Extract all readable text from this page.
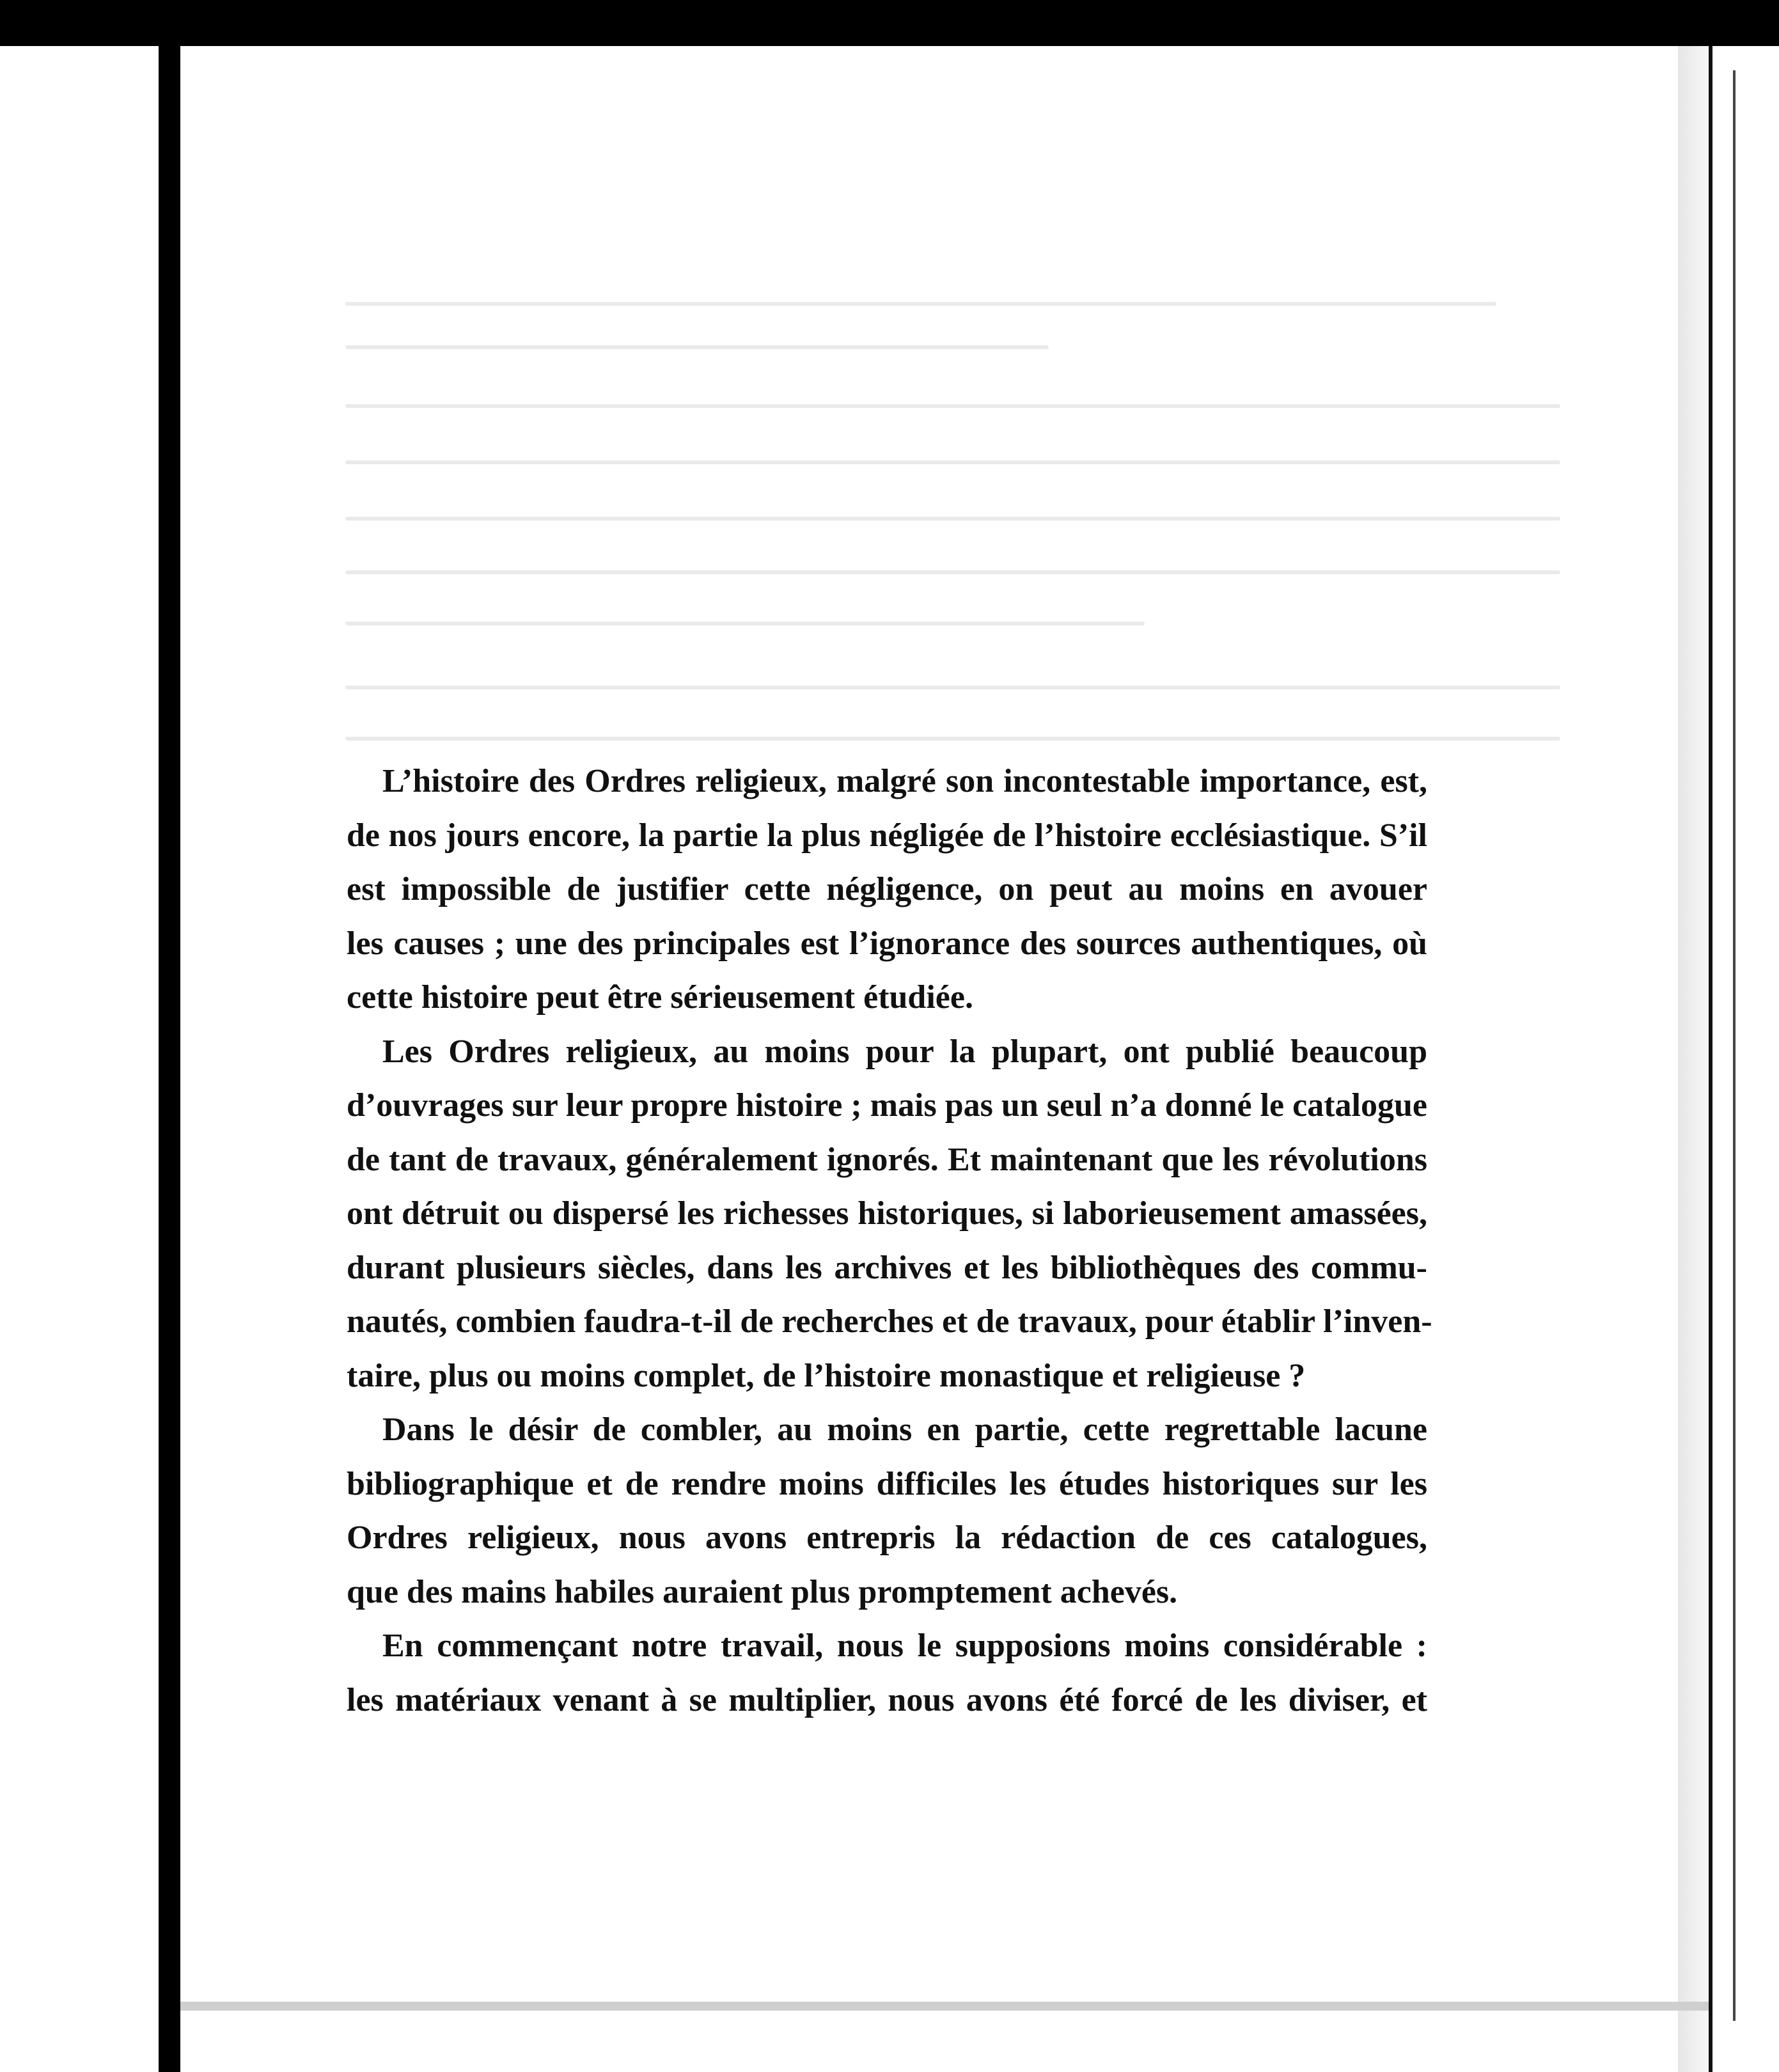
L’histoire des Ordres religieux, malgré son incontestable importance, est,
de nos jours encore, la partie la plus négligée de l’histoire ecclésiastique. S’il
est impossible de justifier cette négligence, on peut au moins en avouer
les causes ; une des principales est l’ignorance des sources authentiques, où
cette histoire peut être sérieusement étudiée.
Les Ordres religieux, au moins pour la plupart, ont publié beaucoup
d’ouvrages sur leur propre histoire ; mais pas un seul n’a donné le catalogue
de tant de travaux, généralement ignorés. Et maintenant que les révolutions
ont détruit ou dispersé les richesses historiques, si laborieusement amassées,
durant plusieurs siècles, dans les archives et les bibliothèques des commu-
nautés, combien faudra-t-il de recherches et de travaux, pour établir l’inven-
taire, plus ou moins complet, de l’histoire monastique et religieuse ?
Dans le désir de combler, au moins en partie, cette regrettable lacune
bibliographique et de rendre moins difficiles les études historiques sur les
Ordres religieux, nous avons entrepris la rédaction de ces catalogues,
que des mains habiles auraient plus promptement achevés.
En commençant notre travail, nous le supposions moins considérable :
les matériaux venant à se multiplier, nous avons été forcé de les diviser, et
